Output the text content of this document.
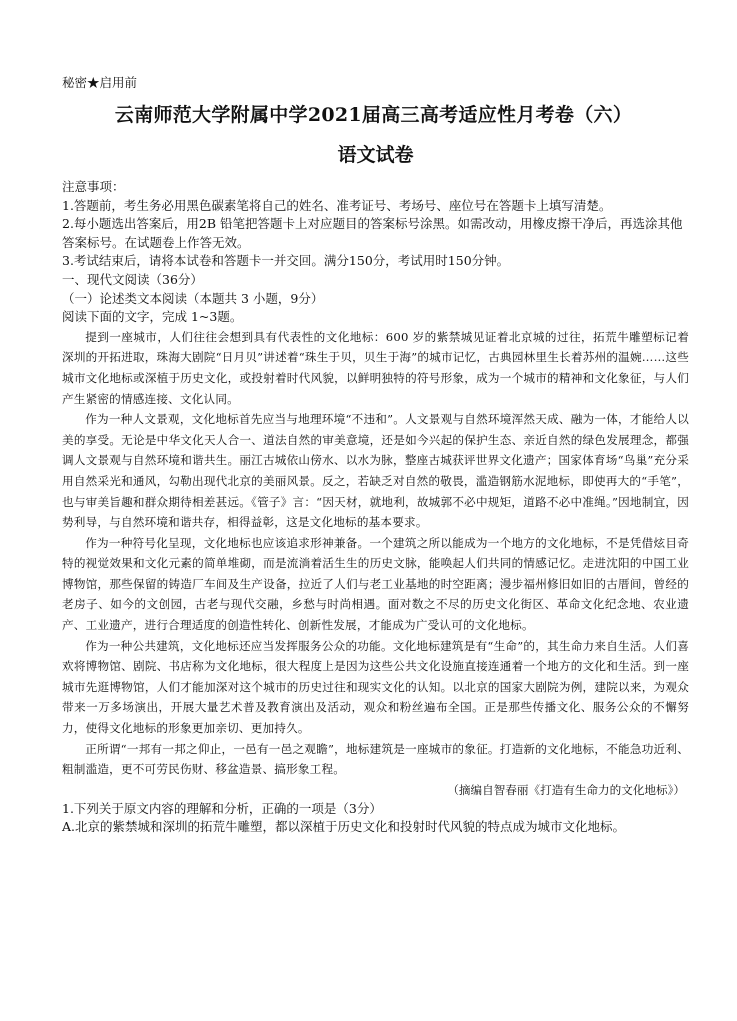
秘密★启用前
云南师范大学附属中学2021届高三高考适应性月考卷（六）
语文试卷
注意事项：
1.答题前，考生务必用黑色碳素笔将自己的姓名、准考证号、考场号、座位号在答题卡上填写清楚。
2.每小题选出答案后，用2B 铅笔把答题卡上对应题目的答案标号涂黑。如需改动，用橡皮擦干净后，再选涂其他答案标号。在试题卷上作答无效。
3.考试结束后，请将本试卷和答题卡一并交回。满分150分，考试用时150分钟。
一、现代文阅读（36分）
（一）论述类文本阅读（本题共 3 小题，9分）
阅读下面的文字，完成 1~3题。
提到一座城市，人们往往会想到具有代表性的文化地标：600 岁的紫禁城见证着北京城的过往，拓荒牛雕塑标记着深圳的开拓进取，珠海大剧院“日月贝”讲述着“珠生于贝，贝生于海”的城市记忆，古典园林里生长着苏州的温婉……这些城市文化地标或深植于历史文化，或投射着时代风貌，以鲜明独特的符号形象，成为一个城市的精神和文化象征，与人们产生紧密的情感连接、文化认同。
作为一种人文景观，文化地标首先应当与地理环境“不违和”。人文景观与自然环境浑然天成、融为一体，才能给人以美的享受。无论是中华文化天人合一、道法自然的审美意境，还是如今兴起的保护生态、亲近自然的绿色发展理念，都强调人文景观与自然环境和谐共生。丽江古城依山傍水、以水为脉，整座古城获评世界文化遗产；国家体育场“鸟巢”充分采用自然采光和通风，勾勒出现代北京的美丽风景。反之，若缺乏对自然的敬畏，滥造钢筋水泥地标，即使再大的“手笔”，也与审美旨趣和群众期待相差甚远。《管子》言：“因天材，就地利，故城郭不必中规矩，道路不必中准绳。”因地制宜，因势利导，与自然环境和谐共存，相得益彰，这是文化地标的基本要求。
作为一种符号化呈现，文化地标也应该追求形神兼备。一个建筑之所以能成为一个地方的文化地标，不是凭借炫目奇特的视觉效果和文化元素的简单堆砌，而是流淌着活生生的历史文脉，能唤起人们共同的情感记忆。走进沈阳的中国工业博物馆，那些保留的铸造厂车间及生产设备，拉近了人们与老工业基地的时空距离；漫步福州修旧如旧的古厝间，曾经的老房子、如今的文创园，古老与现代交融，乡愁与时尚相遇。面对数之不尽的历史文化街区、革命文化纪念地、农业遗产、工业遗产，进行合理适度的创造性转化、创新性发展，才能成为广受认可的文化地标。
作为一种公共建筑，文化地标还应当发挥服务公众的功能。文化地标建筑是有“生命”的，其生命力来自生活。人们喜欢将博物馆、剧院、书店称为文化地标，很大程度上是因为这些公共文化设施直接连通着一个地方的文化和生活。到一座城市先逛博物馆，人们才能加深对这个城市的历史过往和现实文化的认知。以北京的国家大剧院为例，建院以来，为观众带来一万多场演出，开展大量艺术普及教育演出及活动，观众和粉丝遍布全国。正是那些传播文化、服务公众的不懈努力，使得文化地标的形象更加亲切、更加持久。
正所谓“一邦有一邦之仰止，一邑有一邑之观瞻”，地标建筑是一座城市的象征。打造新的文化地标，不能急功近利、粗制滥造，更不可劳民伤财、移盆造景、搞形象工程。
（摘编自智春丽《打造有生命力的文化地标》）
1.下列关于原文内容的理解和分析，正确的一项是（3分）
A.北京的紫禁城和深圳的拓荒牛雕塑，都以深植于历史文化和投射时代风貌的特点成为城市文化地标。
